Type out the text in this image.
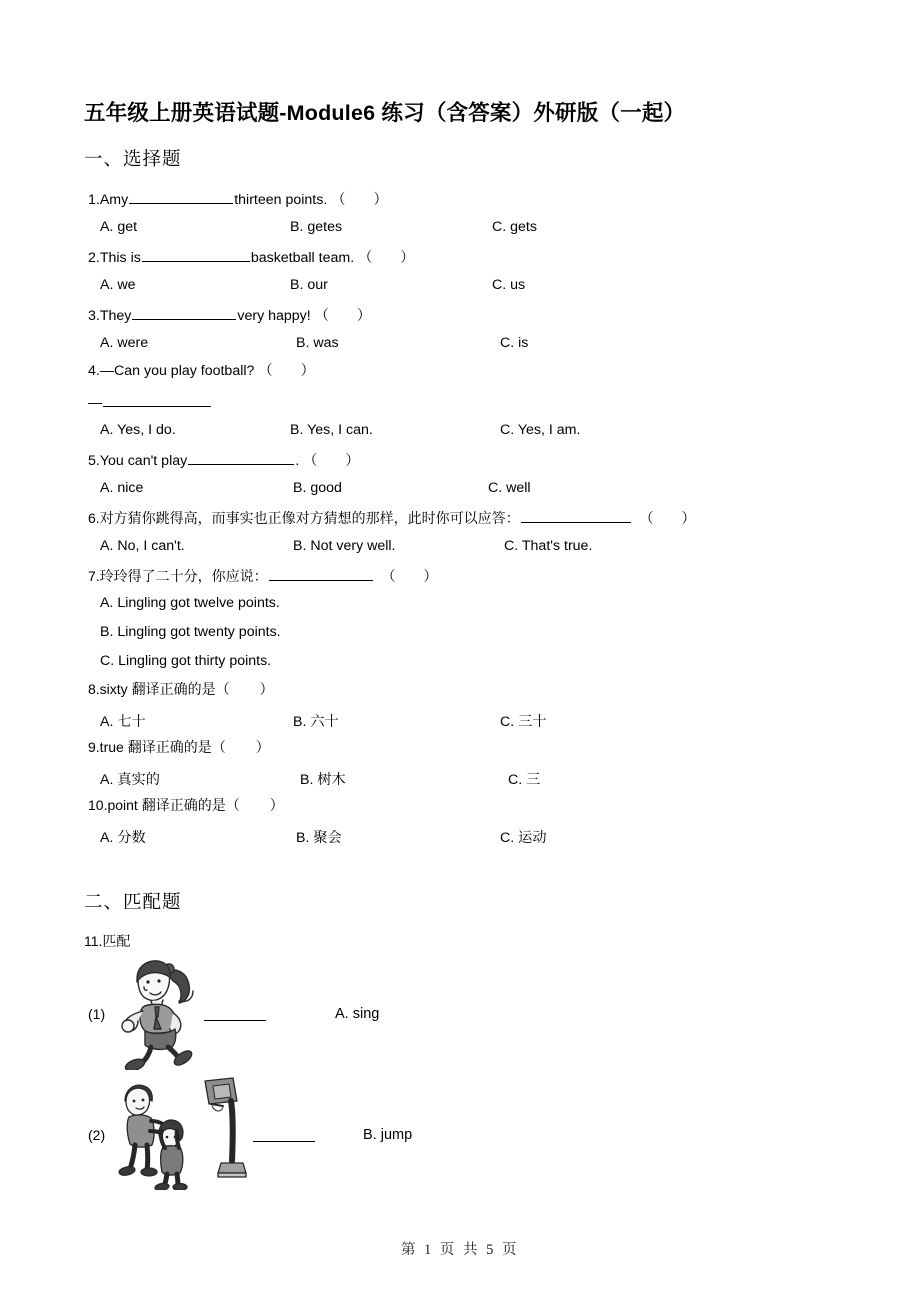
五年级上册英语试题-Module6 练习（含答案）外研版（一起）
一、选择题
1.Amy	thirteen points. （ ）
A. get	B. getes	C. gets
2.This is	basketball team. （ ）
A. we	B. our	C. us
3.They	very happy! （ ）
A. were	B. was	C. is
4.—Can you play football? （ ）
—
A. Yes, I do.	B. Yes, I can.	C. Yes, I am.
5.You can't play	. （ ）
A. nice	B. good	C. well
6.对方猜你跳得高，而事实也正像对方猜想的那样，此时你可以应答：	（ ）
A. No, I can't.	B. Not very well.	C. That's true.
7.玲玲得了二十分，你应说：	（ ）
A. Lingling got twelve points.
B. Lingling got twenty points.
C. Lingling got thirty points.
8.sixty 翻译正确的是（ ）
A. 七十	B. 六十	C. 三十
9.true 翻译正确的是（ ）
A. 真实的	B. 树木	C. 三
10.point 翻译正确的是（ ）
A. 分数	B. 聚会	C. 运动
二、匹配题
11.匹配
(1)	A. sing
(2)	B. jump
第 1 页 共 5 页
